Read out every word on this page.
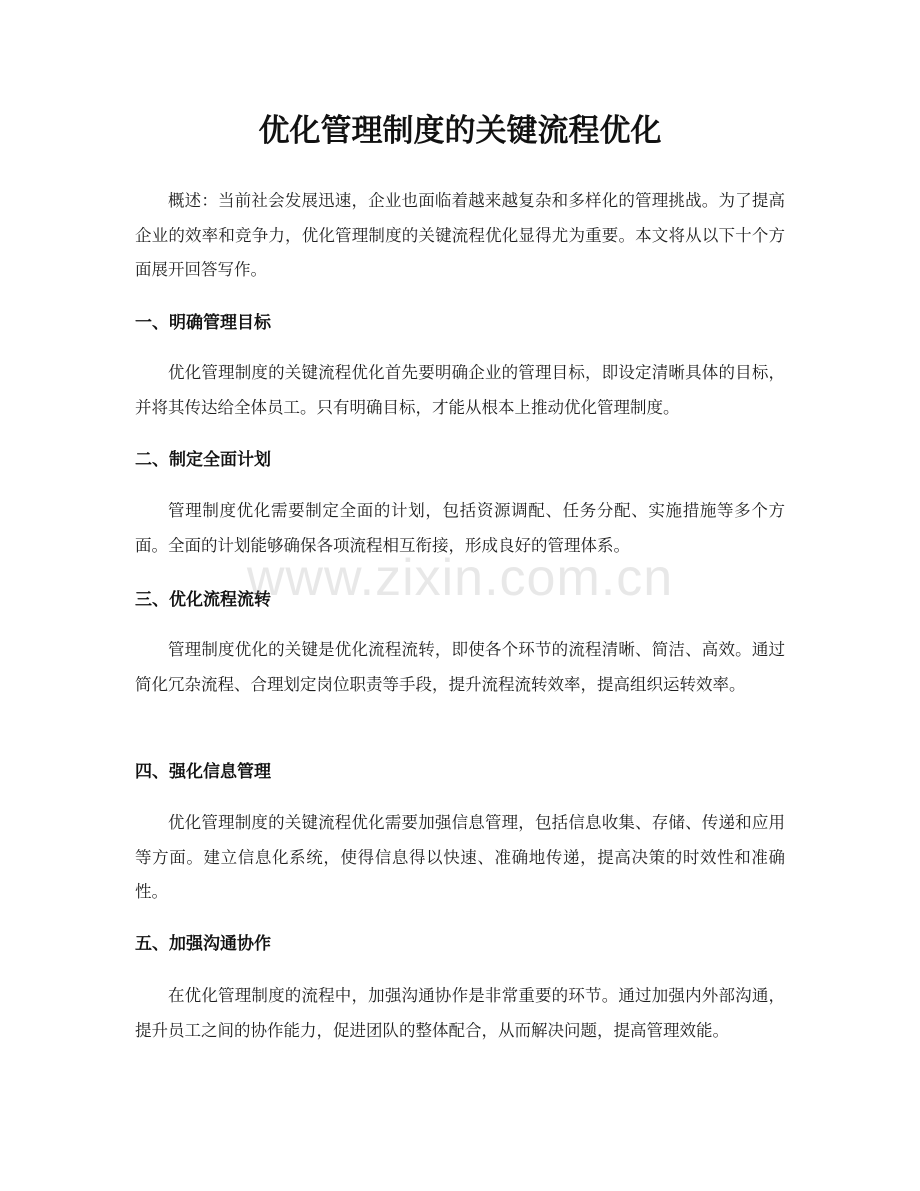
优化管理制度的关键流程优化

概述：当前社会发展迅速，企业也面临着越来越复杂和多样化的管理挑战。为了提高企业的效率和竞争力，优化管理制度的关键流程优化显得尤为重要。本文将从以下十个方面展开回答写作。

一、明确管理目标

优化管理制度的关键流程优化首先要明确企业的管理目标，即设定清晰具体的目标，并将其传达给全体员工。只有明确目标，才能从根本上推动优化管理制度。

二、制定全面计划

管理制度优化需要制定全面的计划，包括资源调配、任务分配、实施措施等多个方面。全面的计划能够确保各项流程相互衔接，形成良好的管理体系。

三、优化流程流转

管理制度优化的关键是优化流程流转，即使各个环节的流程清晰、简洁、高效。通过简化冗杂流程、合理划定岗位职责等手段，提升流程流转效率，提高组织运转效率。

四、强化信息管理

优化管理制度的关键流程优化需要加强信息管理，包括信息收集、存储、传递和应用等方面。建立信息化系统，使得信息得以快速、准确地传递，提高决策的时效性和准确性。

五、加强沟通协作

在优化管理制度的流程中，加强沟通协作是非常重要的环节。通过加强内外部沟通，提升员工之间的协作能力，促进团队的整体配合，从而解决问题，提高管理效能。

www.zixin.com.cn
